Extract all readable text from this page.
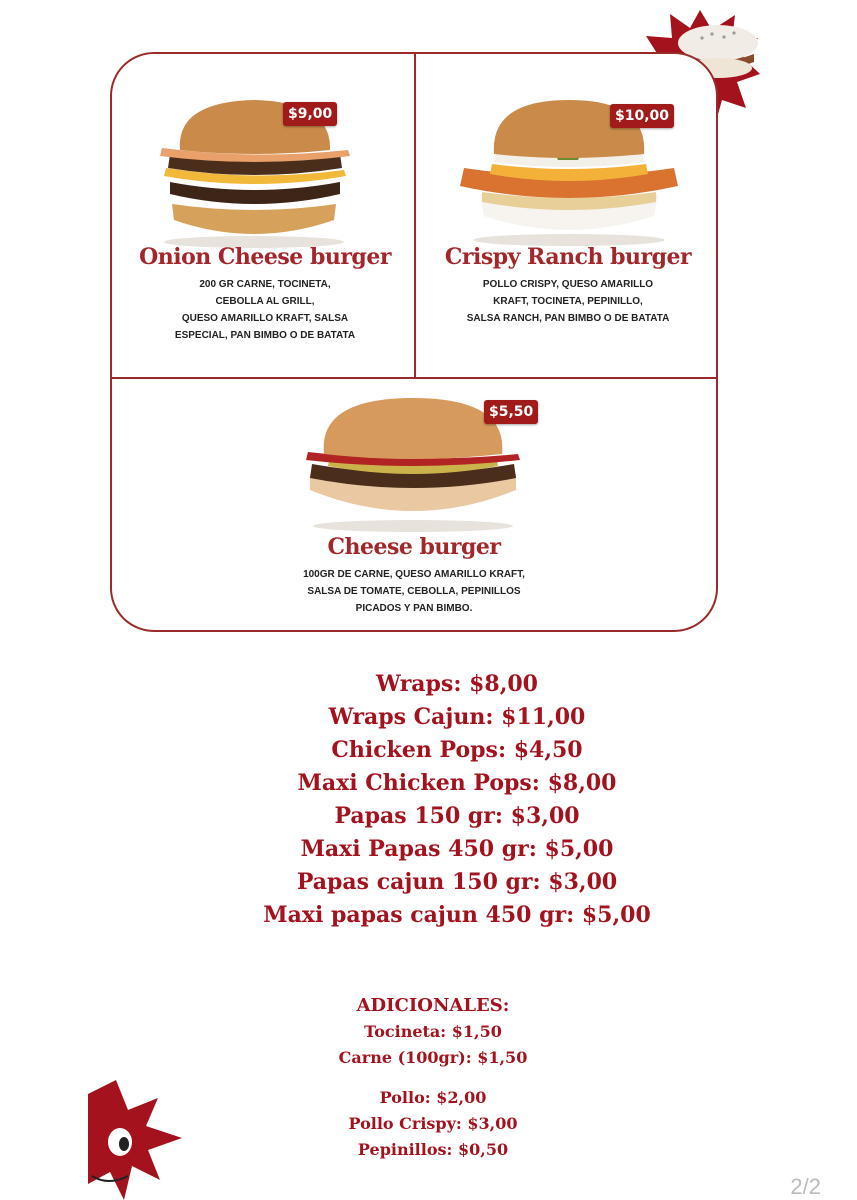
$9,00
Onion Cheese burger
200 GR CARNE, TOCINETA,
CEBOLLA AL GRILL,
QUESO AMARILLO KRAFT, SALSA
ESPECIAL, PAN BIMBO O DE BATATA
$10,00
Crispy Ranch burger
POLLO CRISPY, QUESO AMARILLO
KRAFT, TOCINETA, PEPINILLO,
SALSA RANCH, PAN BIMBO O DE BATATA
$5,50
Cheese burger
100GR DE CARNE, QUESO AMARILLO KRAFT,
SALSA DE TOMATE, CEBOLLA, PEPINILLOS
PICADOS Y PAN BIMBO.
Wraps: $8,00
Wraps Cajun: $11,00
Chicken Pops: $4,50
Maxi Chicken Pops: $8,00
Papas 150 gr: $3,00
Maxi Papas 450 gr: $5,00
Papas cajun 150 gr: $3,00
Maxi papas cajun 450 gr: $5,00
ADICIONALES:
Tocineta: $1,50
Carne (100gr): $1,50
Pollo: $2,00
Pollo Crispy: $3,00
Pepinillos: $0,50
2/2
